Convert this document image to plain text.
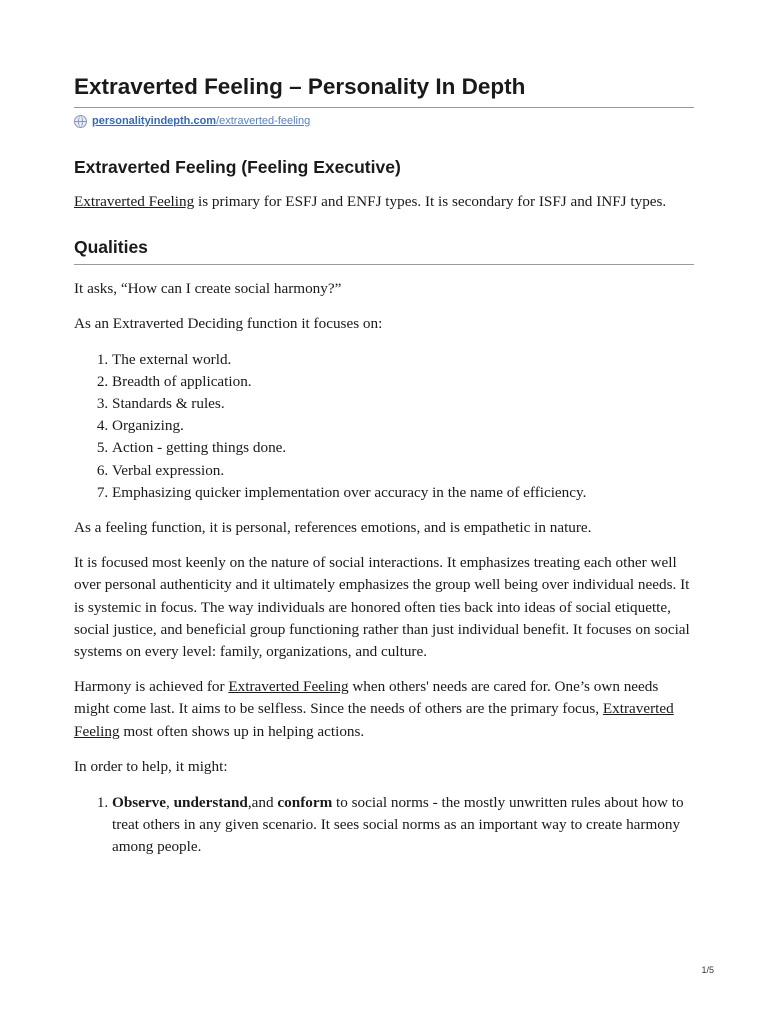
Extraverted Feeling – Personality In Depth
personalityindepth.com /extraverted-feeling
Extraverted Feeling (Feeling Executive)

Extraverted Feeling is primary for ESFJ and ENFJ types. It is secondary for ISFJ and INFJ types.

Qualities

It asks, “How can I create social harmony?”

As an Extraverted Deciding function it focuses on:

1. The external world.
2. Breadth of application.
3. Standards & rules.
4. Organizing.
5. Action - getting things done.
6. Verbal expression.
7. Emphasizing quicker implementation over accuracy in the name of efficiency.

As a feeling function, it is personal, references emotions, and is empathetic in nature.

It is focused most keenly on the nature of social interactions. It emphasizes treating each other well over personal authenticity and it ultimately emphasizes the group well being over individual needs. It is systemic in focus. The way individuals are honored often ties back into ideas of social etiquette, social justice, and beneficial group functioning rather than just individual benefit. It focuses on social systems on every level: family, organizations, and culture.

Harmony is achieved for Extraverted Feeling when others' needs are cared for. One’s own needs might come last. It aims to be selfless. Since the needs of others are the primary focus, Extraverted Feeling most often shows up in helping actions.

In order to help, it might:

1. Observe, understand,and conform to social norms - the mostly unwritten rules about how to treat others in any given scenario. It sees social norms as an important way to create harmony among people.
1/5
